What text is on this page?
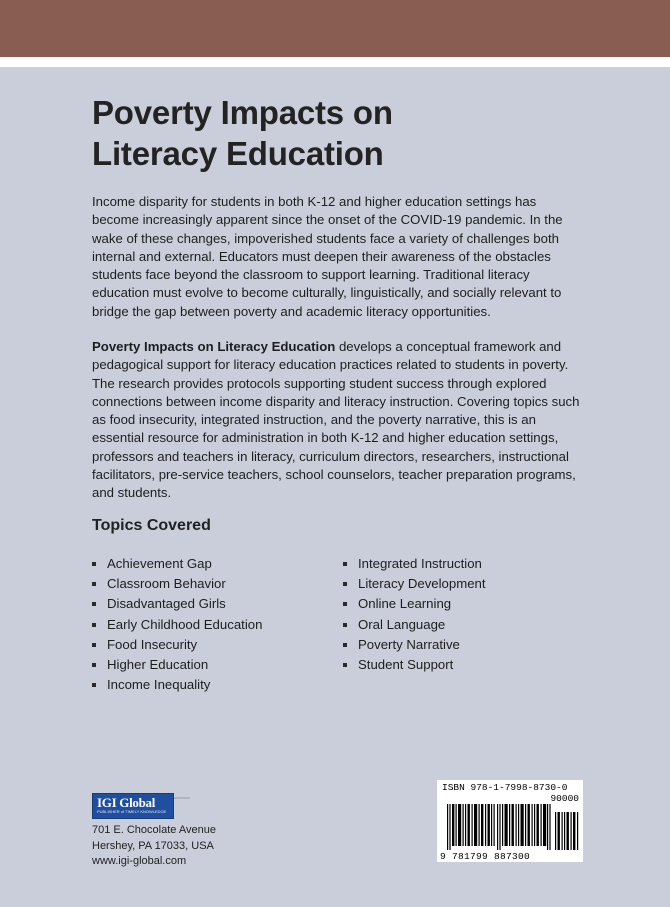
Poverty Impacts on
Literacy Education

Income disparity for students in both K-12 and higher education settings has become increasingly apparent since the onset of the COVID-19 pandemic. In the wake of these changes, impoverished students face a variety of challenges both internal and external. Educators must deepen their awareness of the obstacles students face beyond the classroom to support learning. Traditional literacy education must evolve to become culturally, linguistically, and socially relevant to bridge the gap between poverty and academic literacy opportunities.

Poverty Impacts on Literacy Education develops a conceptual framework and pedagogical support for literacy education practices related to students in poverty. The research provides protocols supporting student success through explored connections between income disparity and literacy instruction. Covering topics such as food insecurity, integrated instruction, and the poverty narrative, this is an essential resource for administration in both K-12 and higher education settings, professors and teachers in literacy, curriculum directors, researchers, instructional facilitators, pre-service teachers, school counselors, teacher preparation programs, and students.

Topics Covered
Achievement Gap
Classroom Behavior
Disadvantaged Girls
Early Childhood Education
Food Insecurity
Higher Education
Income Inequality
Integrated Instruction
Literacy Development
Online Learning
Oral Language
Poverty Narrative
Student Support
IGI Global
PUBLISHER of TIMELY KNOWLEDGE
701 E. Chocolate Avenue
Hershey, PA 17033, USA
www.igi-global.com
ISBN 978-1-7998-8730-0
90000
9 781799 887300
